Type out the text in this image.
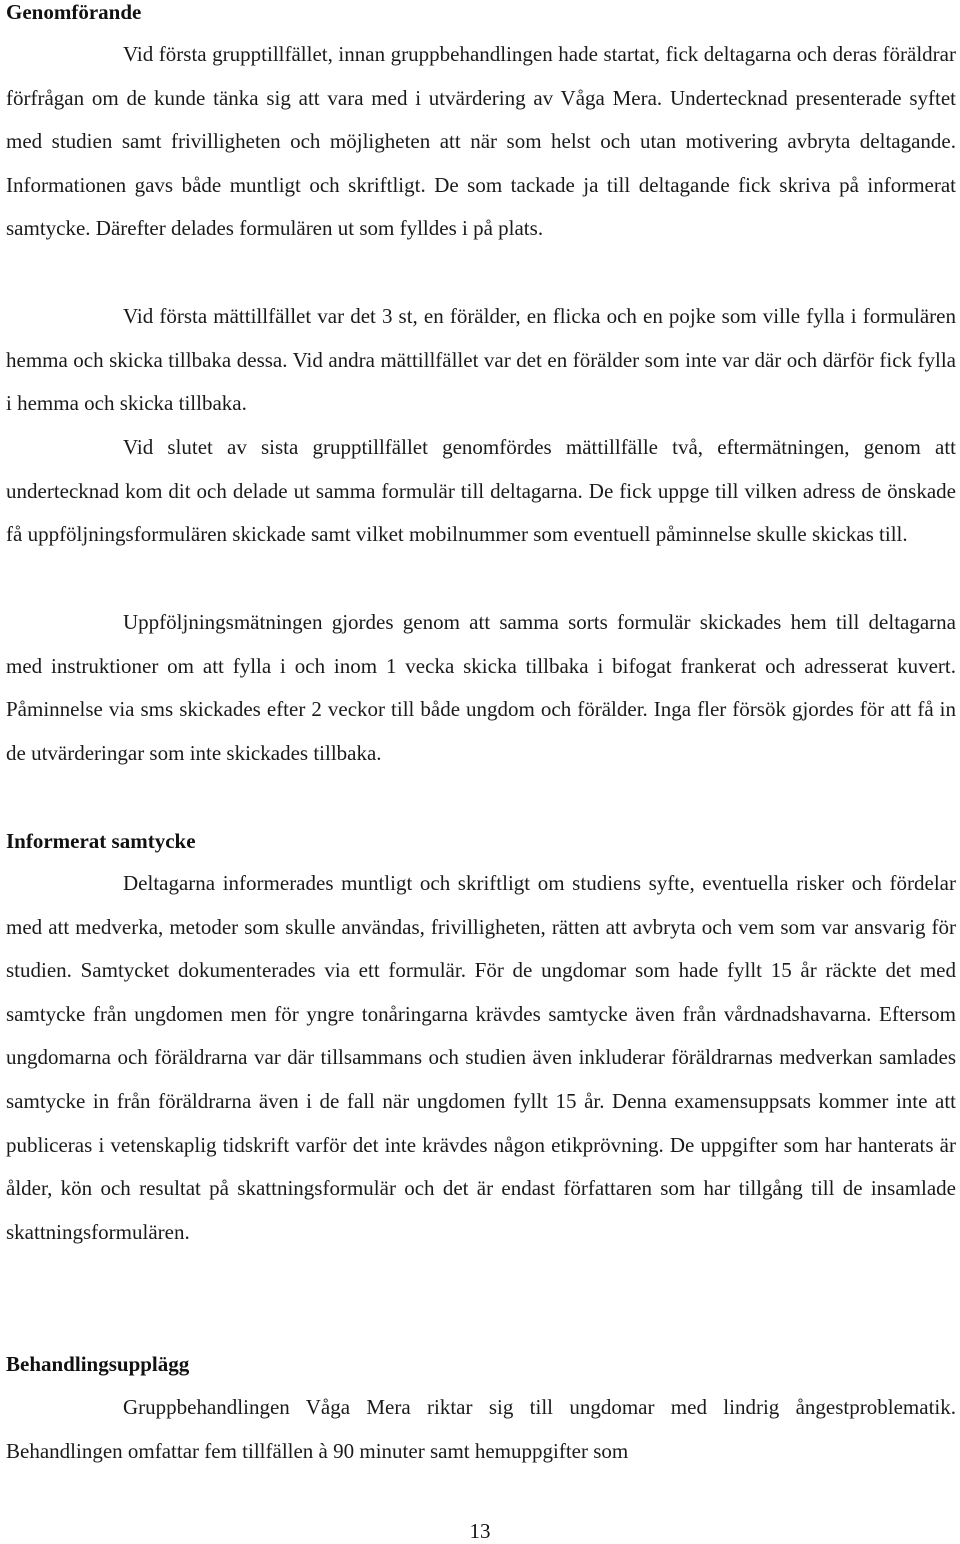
Genomförande

Vid första grupptillfället, innan gruppbehandlingen hade startat, fick deltagarna och deras föräldrar förfrågan om de kunde tänka sig att vara med i utvärdering av Våga Mera. Undertecknad presenterade syftet med studien samt frivilligheten och möjligheten att när som helst och utan motivering avbryta deltagande. Informationen gavs både muntligt och skriftligt. De som tackade ja till deltagande fick skriva på informerat samtycke. Därefter delades formulären ut som fylldes i på plats.

Vid första mättillfället var det 3 st, en förälder, en flicka och en pojke som ville fylla i formulären hemma och skicka tillbaka dessa. Vid andra mättillfället var det en förälder som inte var där och därför fick fylla i hemma och skicka tillbaka.

Vid slutet av sista grupptillfället genomfördes mättillfälle två, eftermätningen, genom att undertecknad kom dit och delade ut samma formulär till deltagarna. De fick uppge till vilken adress de önskade få uppföljningsformulären skickade samt vilket mobilnummer som eventuell påminnelse skulle skickas till.

Uppföljningsmätningen gjordes genom att samma sorts formulär skickades hem till deltagarna med instruktioner om att fylla i och inom 1 vecka skicka tillbaka i bifogat frankerat och adresserat kuvert. Påminnelse via sms skickades efter 2 veckor till både ungdom och förälder. Inga fler försök gjordes för att få in de utvärderingar som inte skickades tillbaka.

Informerat samtycke

Deltagarna informerades muntligt och skriftligt om studiens syfte, eventuella risker och fördelar med att medverka, metoder som skulle användas, frivilligheten, rätten att avbryta och vem som var ansvarig för studien. Samtycket dokumenterades via ett formulär. För de ungdomar som hade fyllt 15 år räckte det med samtycke från ungdomen men för yngre tonåringarna krävdes samtycke även från vårdnadshavarna. Eftersom ungdomarna och föräldrarna var där tillsammans och studien även inkluderar föräldrarnas medverkan samlades samtycke in från föräldrarna även i de fall när ungdomen fyllt 15 år. Denna examensuppsats kommer inte att publiceras i vetenskaplig tidskrift varför det inte krävdes någon etikprövning. De uppgifter som har hanterats är ålder, kön och resultat på skattningsformulär och det är endast författaren som har tillgång till de insamlade skattningsformulären.

Behandlingsupplägg

Gruppbehandlingen Våga Mera riktar sig till ungdomar med lindrig ångestproblematik. Behandlingen omfattar fem tillfällen à 90 minuter samt hemuppgifter som

13
